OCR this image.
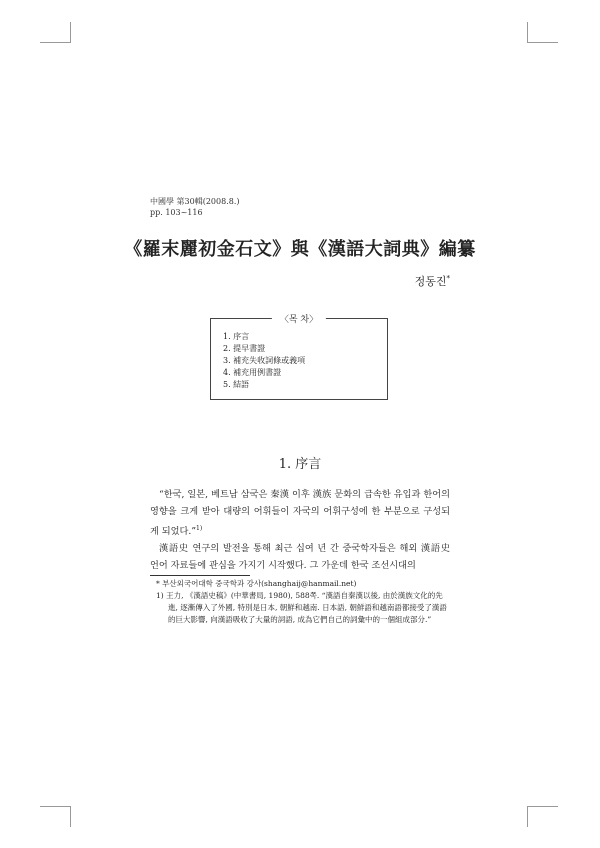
中國學 第30輯(2008.8.)
pp. 103~116
《羅末麗初金石文》與《漢語大詞典》編纂
정동진*
〈목 차〉
1. 序言
2. 提早書證
3. 補充失收詞條或義項
4. 補充用例書證
5. 結語
1. 序言

“한국, 일본, 베트남 삼국은 秦漢 이후 漢族 문화의 급속한 유입과 한어의 영향을 크게 받아 대량의 어휘들이 자국의 어휘구성에 한 부분으로 구성되게 되었다.”$^{1)}$

漢語史 연구의 발전을 통해 최근 십여 년 간 중국학자들은 해외 漢語史 언어 자료들에 관심을 가지기 시작했다. 그 가운데 한국 조선시대의

* 부산외국어대학 중국학과 강사(shanghaij@hanmail.net)

1) 王力, 《漢語史稿》(中華書局, 1980), 588쪽. “漢語自秦漢以後, 由於漢族文化的先進, 逐漸傳入了外國, 特別是日本, 朝鮮和越南. 日本語, 朝鮮語和越南語都接受了漢語的巨大影響, 向漢語吸收了大量的詞語, 成為它們自己的詞彙中的一個組成部分.”
